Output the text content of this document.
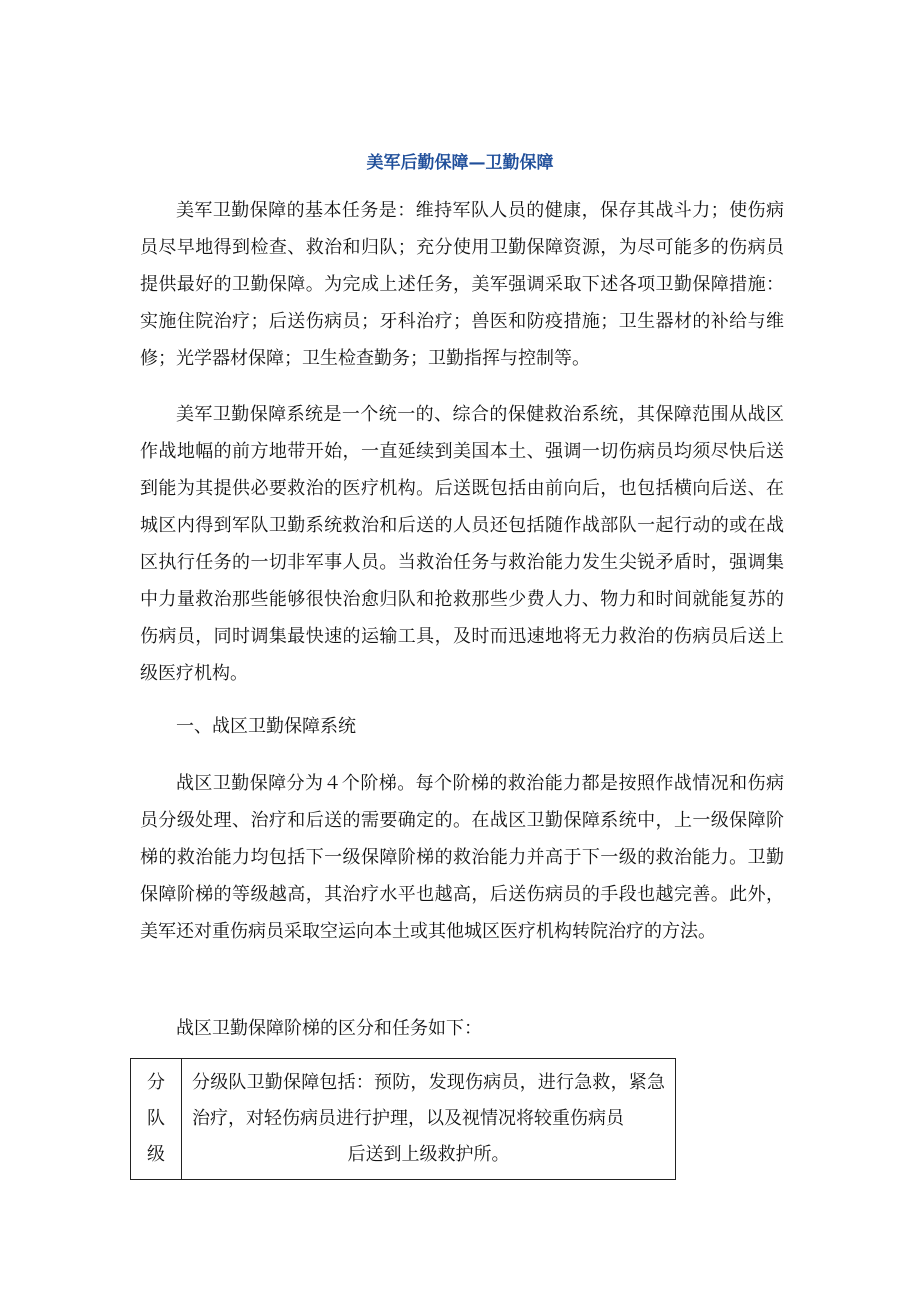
美军后勤保障—卫勤保障

美军卫勤保障的基本任务是：维持军队人员的健康，保存其战斗力；使伤病员尽早地得到检查、救治和归队；充分使用卫勤保障资源，为尽可能多的伤病员提供最好的卫勤保障。为完成上述任务，美军强调采取下述各项卫勤保障措施：实施住院治疗；后送伤病员；牙科治疗；兽医和防疫措施；卫生器材的补给与维修；光学器材保障；卫生检查勤务；卫勤指挥与控制等。

美军卫勤保障系统是一个统一的、综合的保健救治系统，其保障范围从战区作战地幅的前方地带开始，一直延续到美国本土、强调一切伤病员均须尽快后送到能为其提供必要救治的医疗机构。后送既包括由前向后，也包括横向后送、在城区内得到军队卫勤系统救治和后送的人员还包括随作战部队一起行动的或在战区执行任务的一切非军事人员。当救治任务与救治能力发生尖锐矛盾时，强调集中力量救治那些能够很快治愈归队和抢救那些少费人力、物力和时间就能复苏的伤病员，同时调集最快速的运输工具，及时而迅速地将无力救治的伤病员后送上级医疗机构。

一、战区卫勤保障系统

战区卫勤保障分为４个阶梯。每个阶梯的救治能力都是按照作战情况和伤病员分级处理、治疗和后送的需要确定的。在战区卫勤保障系统中，上一级保障阶梯的救治能力均包括下一级保障阶梯的救治能力并高于下一级的救治能力。卫勤保障阶梯的等级越高，其治疗水平也越高，后送伤病员的手段也越完善。此外，美军还对重伤病员采取空运向本土或其他城区医疗机构转院治疗的方法。

战区卫勤保障阶梯的区分和任务如下：

分队级	分级队卫勤保障包括：预防，发现伤病员，进行急救，紧急治疗，对轻伤病员进行护理，以及视情况将较重伤病员
后送到上级救护所。
